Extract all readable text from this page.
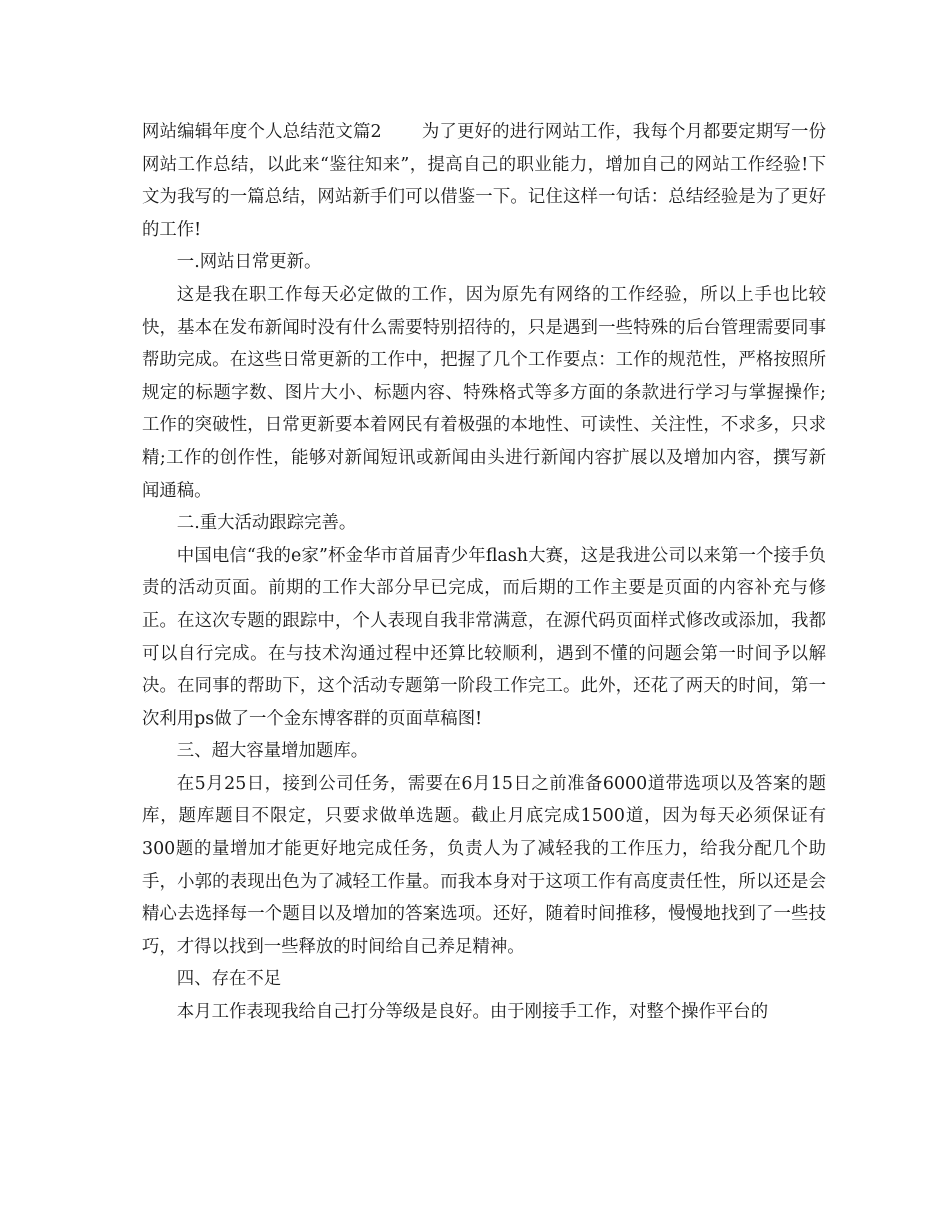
网站编辑年度个人总结范文篇2 为了更好的进行网站工作，我每个月都要定期写一份网站工作总结，以此来“鉴往知来”，提高自己的职业能力，增加自己的网站工作经验!下文为我写的一篇总结，网站新手们可以借鉴一下。记住这样一句话：总结经验是为了更好的工作!

一.网站日常更新。

这是我在职工作每天必定做的工作，因为原先有网络的工作经验，所以上手也比较快，基本在发布新闻时没有什么需要特别招待的，只是遇到一些特殊的后台管理需要同事帮助完成。在这些日常更新的工作中，把握了几个工作要点：工作的规范性，严格按照所规定的标题字数、图片大小、标题内容、特殊格式等多方面的条款进行学习与掌握操作;工作的突破性，日常更新要本着网民有着极强的本地性、可读性、关注性，不求多，只求精;工作的创作性，能够对新闻短讯或新闻由头进行新闻内容扩展以及增加内容，撰写新闻通稿。

二.重大活动跟踪完善。

中国电信“我的e家”杯金华市首届青少年flash大赛，这是我进公司以来第一个接手负责的活动页面。前期的工作大部分早已完成，而后期的工作主要是页面的内容补充与修正。在这次专题的跟踪中，个人表现自我非常满意，在源代码页面样式修改或添加，我都可以自行完成。在与技术沟通过程中还算比较顺利，遇到不懂的问题会第一时间予以解决。在同事的帮助下，这个活动专题第一阶段工作完工。此外，还花了两天的时间，第一次利用ps做了一个金东博客群的页面草稿图!

三、超大容量增加题库。

在5月25日，接到公司任务，需要在6月15日之前准备6000道带选项以及答案的题库，题库题目不限定，只要求做单选题。截止月底完成1500道，因为每天必须保证有300题的量增加才能更好地完成任务，负责人为了减轻我的工作压力，给我分配几个助手，小郭的表现出色为了减轻工作量。而我本身对于这项工作有高度责任性，所以还是会精心去选择每一个题目以及增加的答案选项。还好，随着时间推移，慢慢地找到了一些技巧，才得以找到一些释放的时间给自己养足精神。

四、存在不足

本月工作表现我给自己打分等级是良好。由于刚接手工作，对整个操作平台的
